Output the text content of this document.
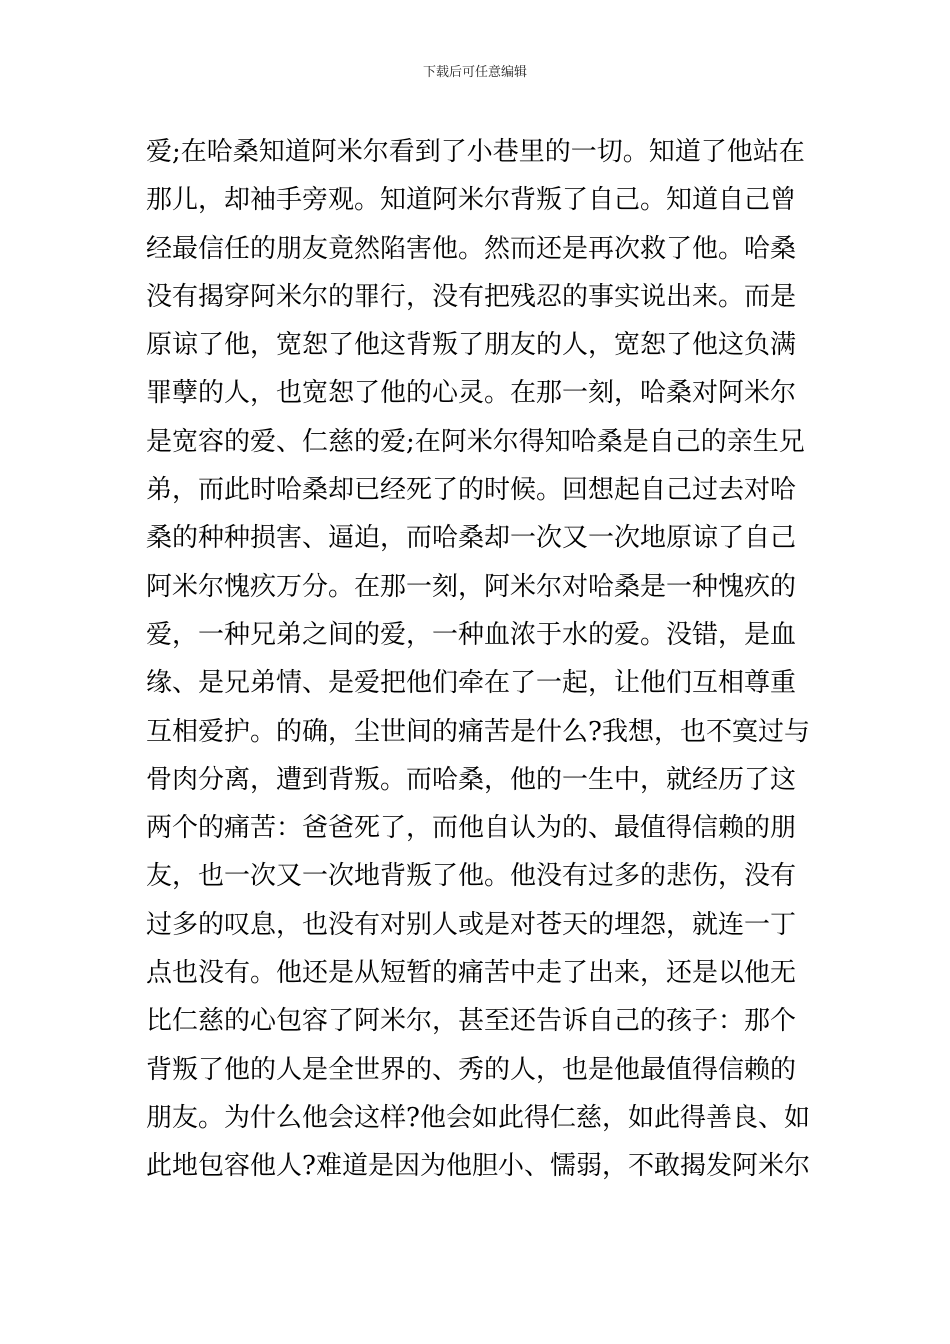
下载后可任意编辑
爱;在哈桑知道阿米尔看到了小巷里的一切。知道了他站在
那儿，却袖手旁观。知道阿米尔背叛了自己。知道自己曾
经最信任的朋友竟然陷害他。然而还是再次救了他。哈桑
没有揭穿阿米尔的罪行，没有把残忍的事实说出来。而是
原谅了他，宽恕了他这背叛了朋友的人，宽恕了他这负满
罪孽的人，也宽恕了他的心灵。在那一刻，哈桑对阿米尔
是宽容的爱、仁慈的爱;在阿米尔得知哈桑是自己的亲生兄
弟，而此时哈桑却已经死了的时候。回想起自己过去对哈
桑的种种损害、逼迫，而哈桑却一次又一次地原谅了自己
阿米尔愧疚万分。在那一刻，阿米尔对哈桑是一种愧疚的
爱，一种兄弟之间的爱，一种血浓于水的爱。没错，是血
缘、是兄弟情、是爱把他们牵在了一起，让他们互相尊重
互相爱护。的确，尘世间的痛苦是什么?我想，也不寞过与
骨肉分离，遭到背叛。而哈桑，他的一生中，就经历了这
两个的痛苦：爸爸死了，而他自认为的、最值得信赖的朋
友，也一次又一次地背叛了他。他没有过多的悲伤，没有
过多的叹息，也没有对别人或是对苍天的埋怨，就连一丁
点也没有。他还是从短暂的痛苦中走了出来，还是以他无
比仁慈的心包容了阿米尔，甚至还告诉自己的孩子：那个
背叛了他的人是全世界的、秀的人，也是他最值得信赖的
朋友。为什么他会这样?他会如此得仁慈，如此得善良、如
此地包容他人?难道是因为他胆小、懦弱，不敢揭发阿米尔
